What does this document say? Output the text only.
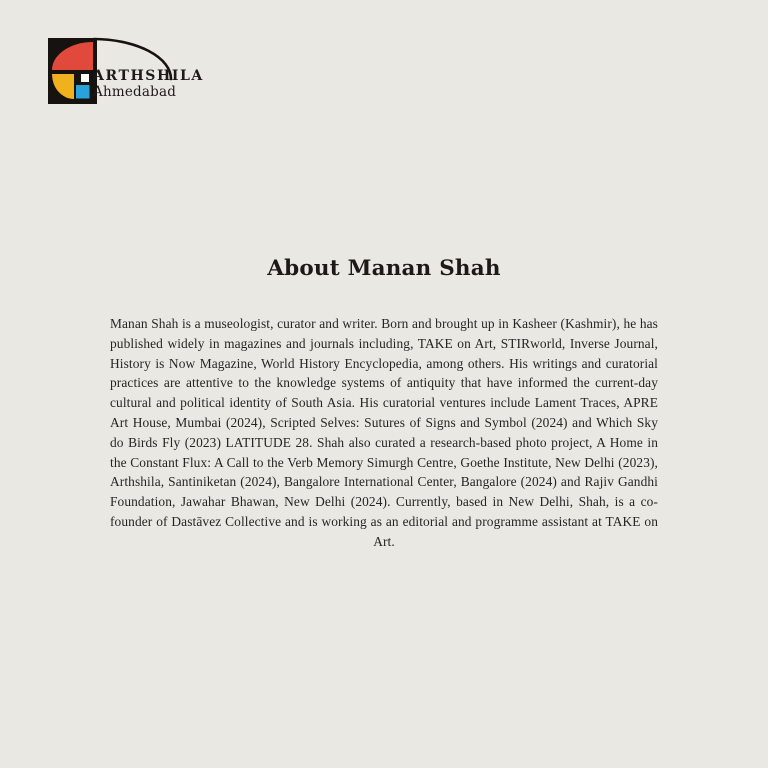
ARTHSHILA
Ahmedabad
About Manan Shah

Manan Shah is a museologist, curator and writer. Born and brought up in Kasheer (Kashmir), he has published widely in magazines and journals including, TAKE on Art, STIRworld, Inverse Journal, History is Now Magazine, World History Encyclopedia, among others. His writings and curatorial practices are attentive to the knowledge systems of antiquity that have informed the current-day cultural and political identity of South Asia. His curatorial ventures include Lament Traces, APRE Art House, Mumbai (2024), Scripted Selves: Sutures of Signs and Symbol (2024) and Which Sky do Birds Fly (2023) LATITUDE 28. Shah also curated a research-based photo project, A Home in the Constant Flux: A Call to the Verb Memory Simurgh Centre, Goethe Institute, New Delhi (2023), Arthshila, Santiniketan (2024), Bangalore International Center, Bangalore (2024) and Rajiv Gandhi Foundation, Jawahar Bhawan, New Delhi (2024). Currently, based in New Delhi, Shah, is a co-founder of Dastāvez Collective and is working as an editorial and programme assistant at TAKE on Art.
